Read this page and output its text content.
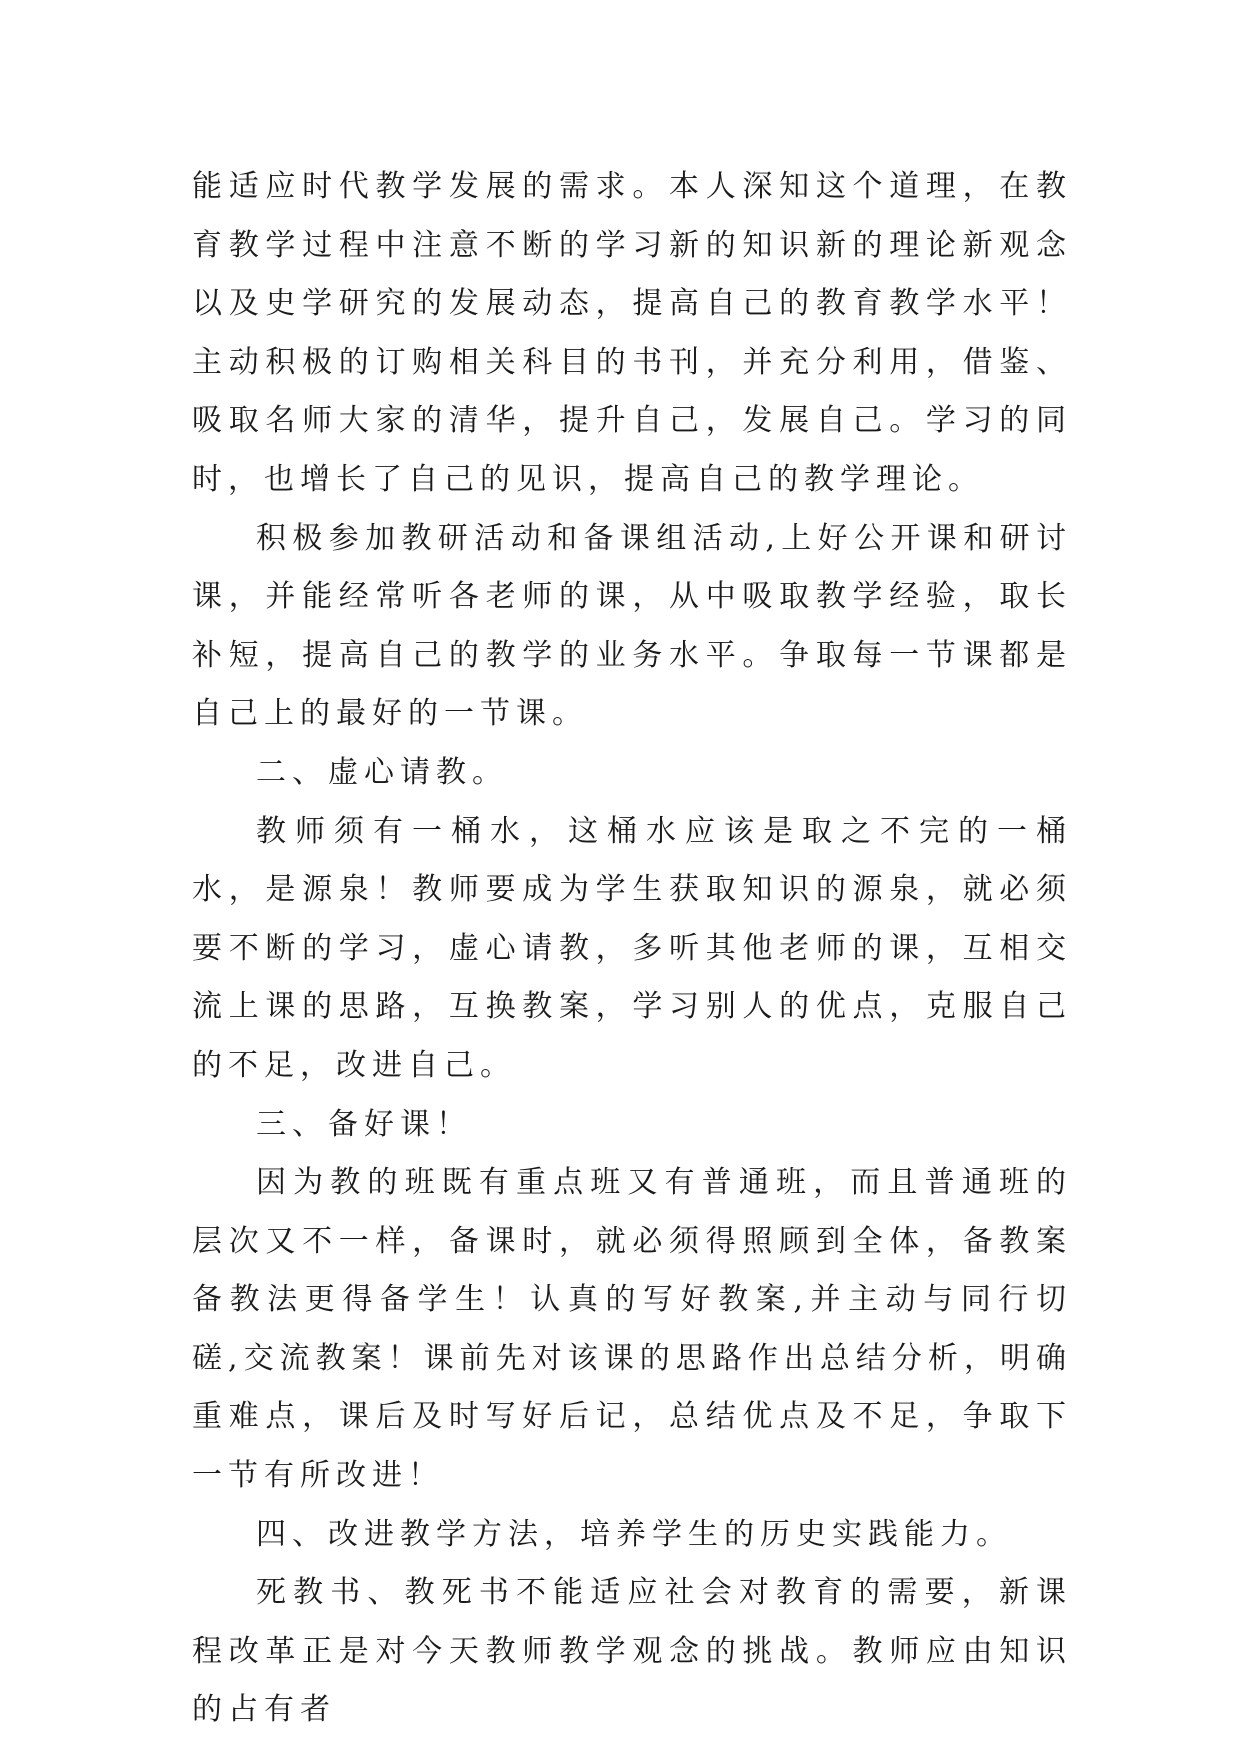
能适应时代教学发展的需求。本人深知这个道理，在教育教学过程中注意不断的学习新的知识新的理论新观念以及史学研究的发展动态，提高自己的教育教学水平！主动积极的订购相关科目的书刊，并充分利用，借鉴、吸取名师大家的清华，提升自己，发展自己。学习的同时，也增长了自己的见识，提高自己的教学理论。

积极参加教研活动和备课组活动,上好公开课和研讨课，并能经常听各老师的课，从中吸取教学经验，取长补短，提高自己的教学的业务水平。争取每一节课都是自己上的最好的一节课。

二、虚心请教。

教师须有一桶水，这桶水应该是取之不完的一桶水，是源泉！教师要成为学生获取知识的源泉，就必须要不断的学习，虚心请教，多听其他老师的课，互相交流上课的思路，互换教案，学习别人的优点，克服自己的不足，改进自己。

三、备好课！

因为教的班既有重点班又有普通班，而且普通班的层次又不一样，备课时，就必须得照顾到全体，备教案备教法更得备学生！认真的写好教案,并主动与同行切磋,交流教案！课前先对该课的思路作出总结分析，明确重难点，课后及时写好后记，总结优点及不足，争取下一节有所改进！

四、改进教学方法，培养学生的历史实践能力。

死教书、教死书不能适应社会对教育的需要，新课程改革正是对今天教师教学观念的挑战。教师应由知识的占有者
